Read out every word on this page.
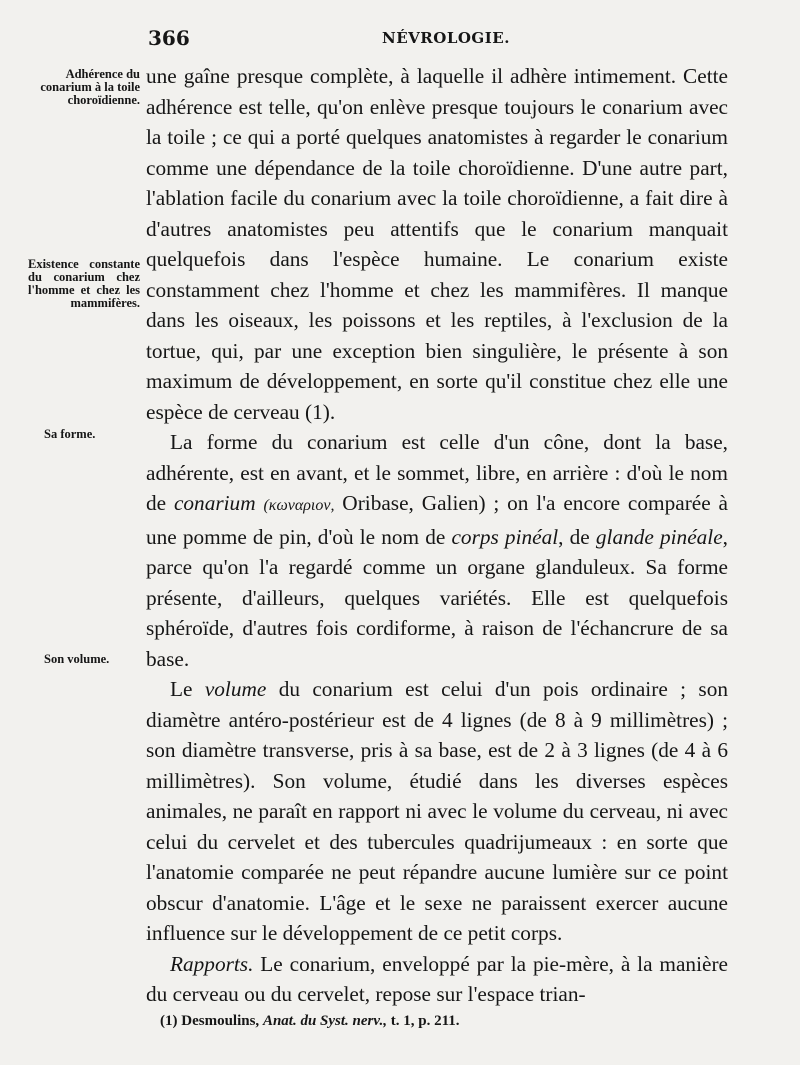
366	NÉVROLOGIE.
Adhérence du conarium à la toile choroïdienne.
Existence constante du conarium chez l'homme et chez les mammifères.
Sa forme.
Son volume.

une gaîne presque complète, à laquelle il adhère intimement. Cette adhérence est telle, qu'on enlève presque toujours le conarium avec la toile ; ce qui a porté quelques anatomistes à regarder le conarium comme une dépendance de la toile choroïdienne. D'une autre part, l'ablation facile du conarium avec la toile choroïdienne, a fait dire à d'autres anatomistes peu attentifs que le conarium manquait quelquefois dans l'espèce humaine. Le conarium existe constamment chez l'homme et chez les mammifères. Il manque dans les oiseaux, les poissons et les reptiles, à l'exclusion de la tortue, qui, par une exception bien singulière, le présente à son maximum de développement, en sorte qu'il constitue chez elle une espèce de cerveau (1).

La forme du conarium est celle d'un cône, dont la base, adhérente, est en avant, et le sommet, libre, en arrière : d'où le nom de conarium (κωναριον, Oribase, Galien) ; on l'a encore comparée à une pomme de pin, d'où le nom de corps pinéal, de glande pinéale, parce qu'on l'a regardé comme un organe glanduleux. Sa forme présente, d'ailleurs, quelques variétés. Elle est quelquefois sphéroïde, d'autres fois cordiforme, à raison de l'échancrure de sa base.

Le volume du conarium est celui d'un pois ordinaire ; son diamètre antéro-postérieur est de 4 lignes (de 8 à 9 millimètres) ; son diamètre transverse, pris à sa base, est de 2 à 3 lignes (de 4 à 6 millimètres). Son volume, étudié dans les diverses espèces animales, ne paraît en rapport ni avec le volume du cerveau, ni avec celui du cervelet et des tubercules quadrijumeaux : en sorte que l'anatomie comparée ne peut répandre aucune lumière sur ce point obscur d'anatomie. L'âge et le sexe ne paraissent exercer aucune influence sur le développement de ce petit corps.

Rapports. Le conarium, enveloppé par la pie-mère, à la manière du cerveau ou du cervelet, repose sur l'espace trian-

(1) Desmoulins, Anat. du Syst. nerv., t. 1, p. 211.
